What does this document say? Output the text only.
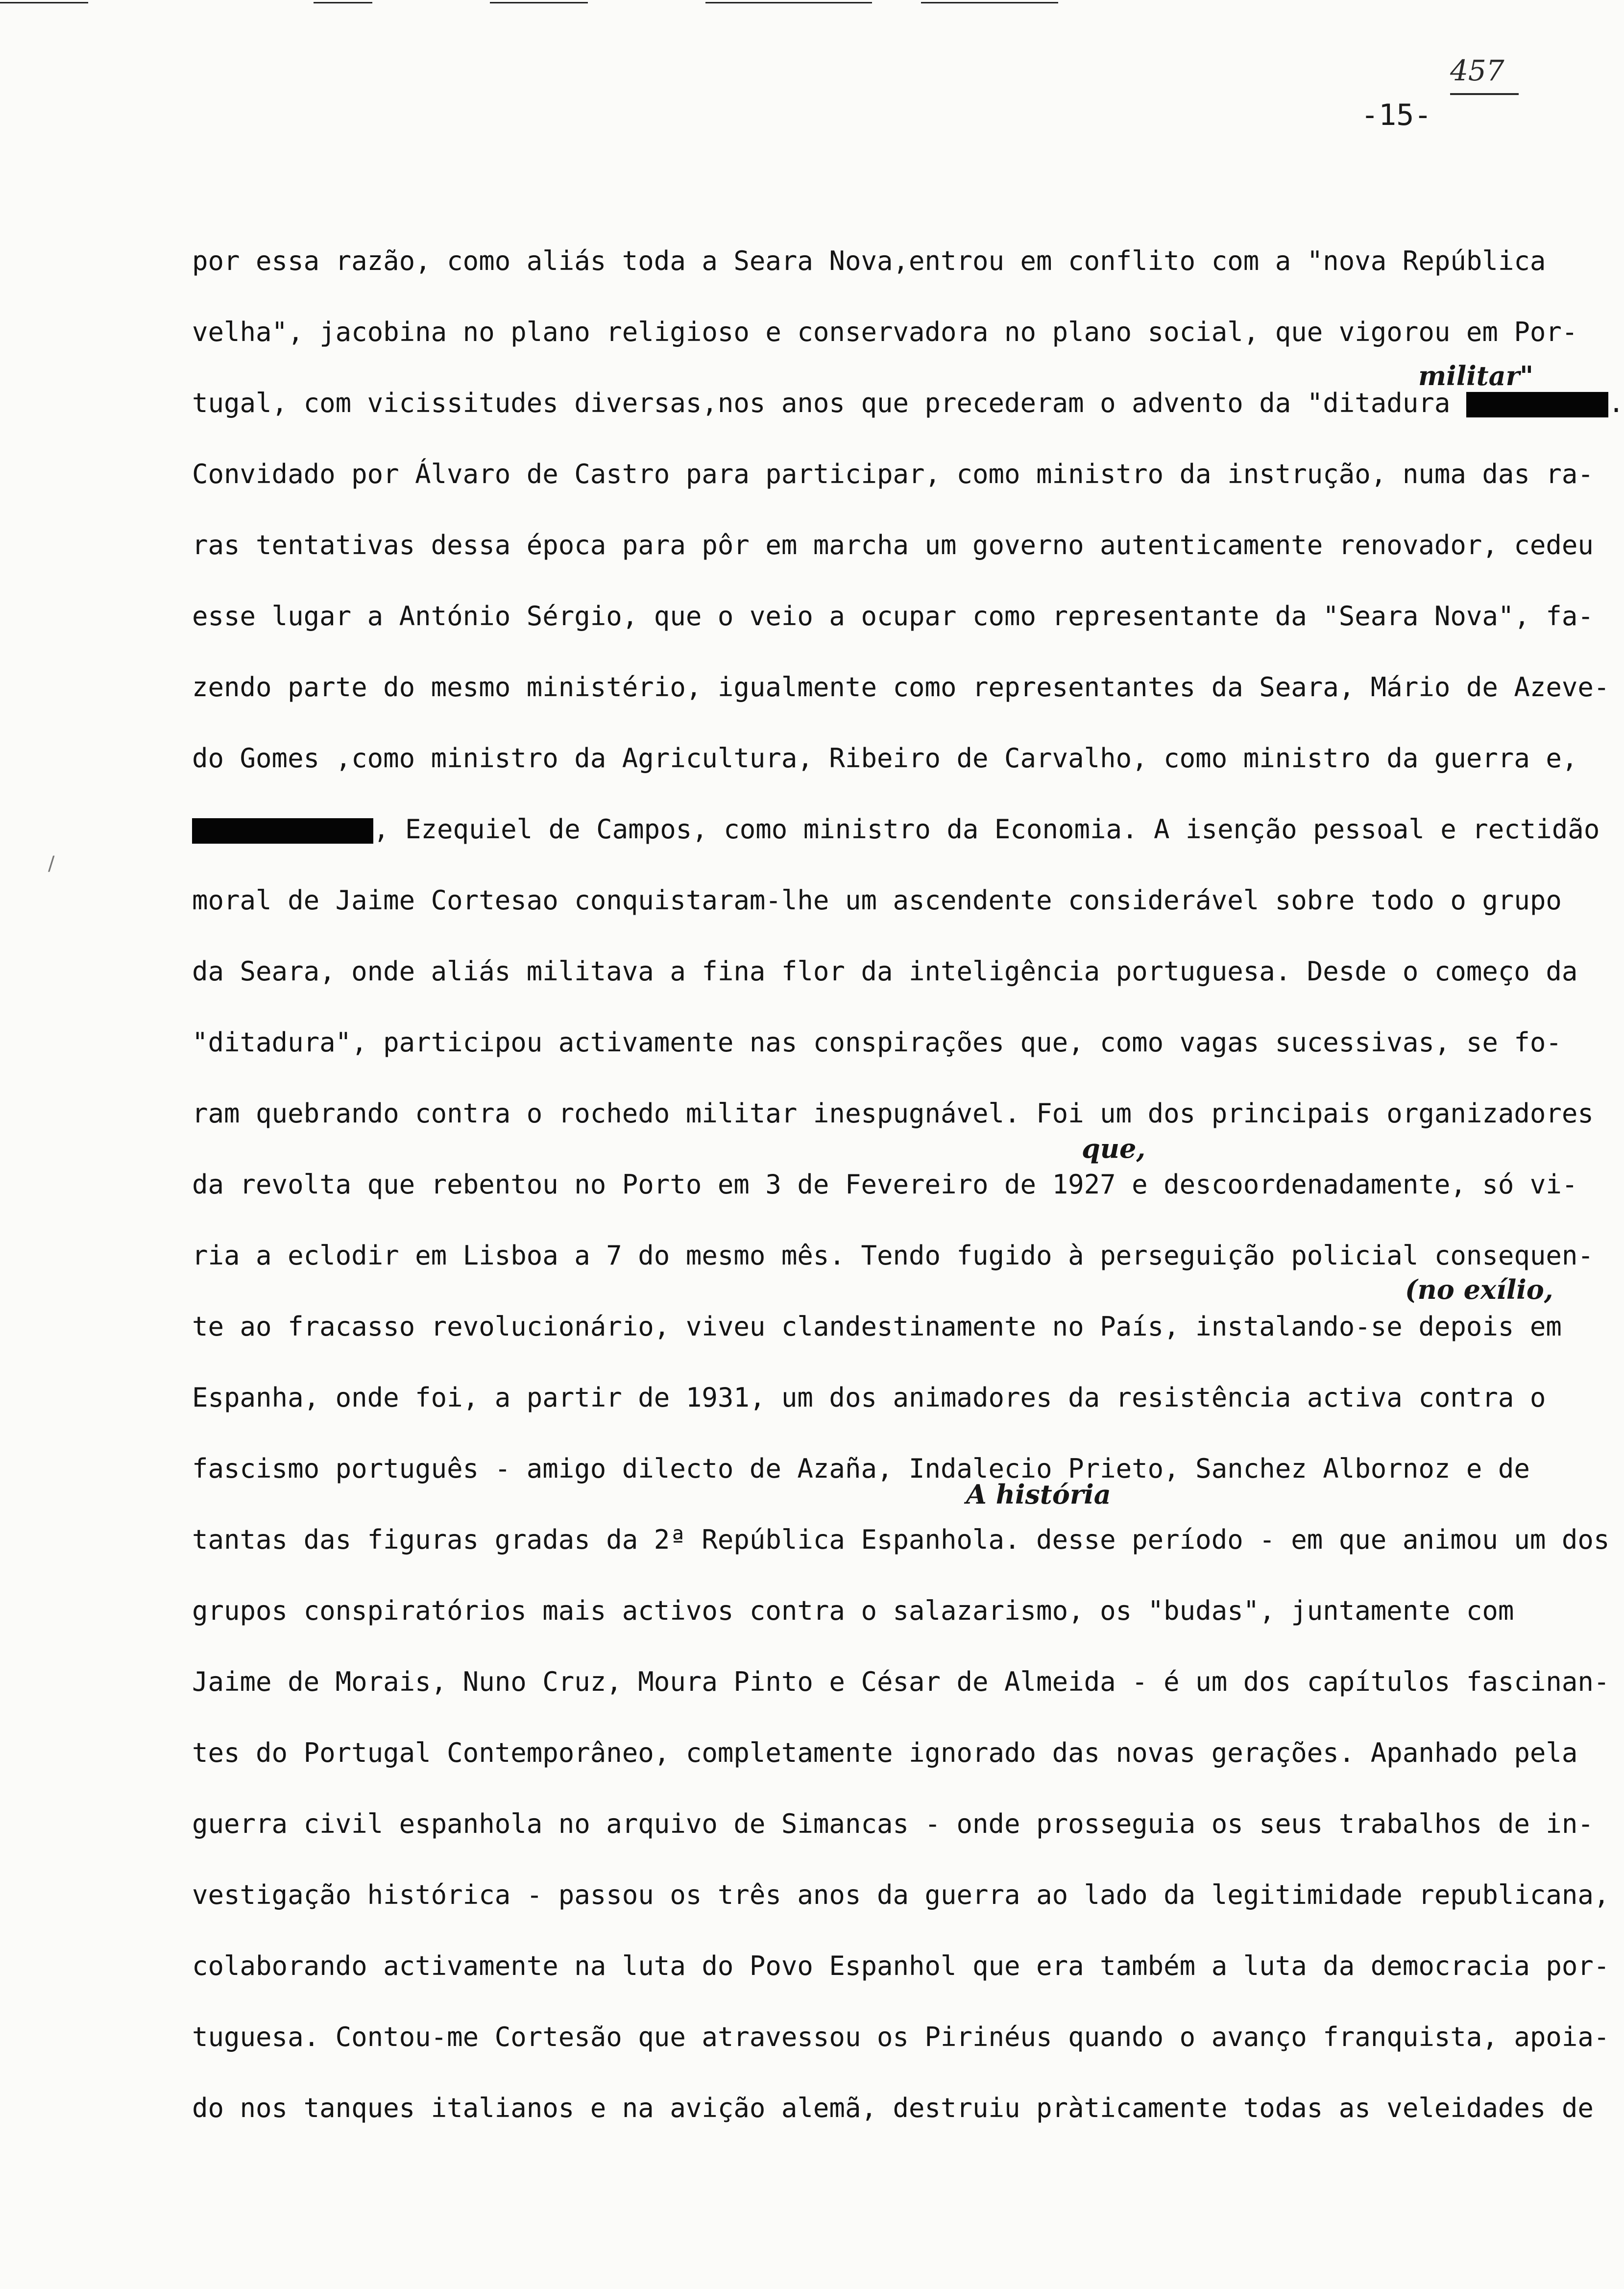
457
-15-
militar"
que,
(no exílio,
A história
/
por essa razão, como aliás toda a Seara Nova,entrou em conflito com a "nova República
velha", jacobina no plano religioso e conservadora no plano social, que vigorou em Por-
tugal, com vicissitudes diversas,nos anos que precederam o advento da "ditadura	.
Convidado por Álvaro de Castro para participar, como ministro da instrução, numa das ra-
ras tentativas dessa época para pôr em marcha um governo autenticamente renovador, cedeu
esse lugar a António Sérgio, que o veio a ocupar como representante da "Seara Nova", fa-
zendo parte do mesmo ministério, igualmente como representantes da Seara, Mário de Azeve-
do Gomes ,como ministro da Agricultura, Ribeiro de Carvalho, como ministro da guerra e,
, Ezequiel de Campos, como ministro da Economia. A isenção pessoal e rectidão
moral de Jaime Cortesao conquistaram-lhe um ascendente considerável sobre todo o grupo
da Seara, onde aliás militava a fina flor da inteligência portuguesa. Desde o começo da
"ditadura", participou activamente nas conspirações que, como vagas sucessivas, se fo-
ram quebrando contra o rochedo militar inespugnável. Foi um dos principais organizadores
da revolta que rebentou no Porto em 3 de Fevereiro de 1927 e descoordenadamente, só vi-
ria a eclodir em Lisboa a 7 do mesmo mês. Tendo fugido à perseguição policial consequen-
te ao fracasso revolucionário, viveu clandestinamente no País, instalando-se depois em
Espanha, onde foi, a partir de 1931, um dos animadores da resistência activa contra o
fascismo português - amigo dilecto de Azaña, Indalecio Prieto, Sanchez Albornoz e de
tantas das figuras gradas da 2ª República Espanhola. desse período - em que animou um dos
grupos conspiratórios mais activos contra o salazarismo, os "budas", juntamente com
Jaime de Morais, Nuno Cruz, Moura Pinto e César de Almeida - é um dos capítulos fascinan-
tes do Portugal Contemporâneo, completamente ignorado das novas gerações. Apanhado pela
guerra civil espanhola no arquivo de Simancas - onde prosseguia os seus trabalhos de in-
vestigação histórica - passou os três anos da guerra ao lado da legitimidade republicana,
colaborando activamente na luta do Povo Espanhol que era também a luta da democracia por-
tuguesa. Contou-me Cortesão que atravessou os Pirinéus quando o avanço franquista, apoia-
do nos tanques italianos e na avição alemã, destruiu pràticamente todas as veleidades de
